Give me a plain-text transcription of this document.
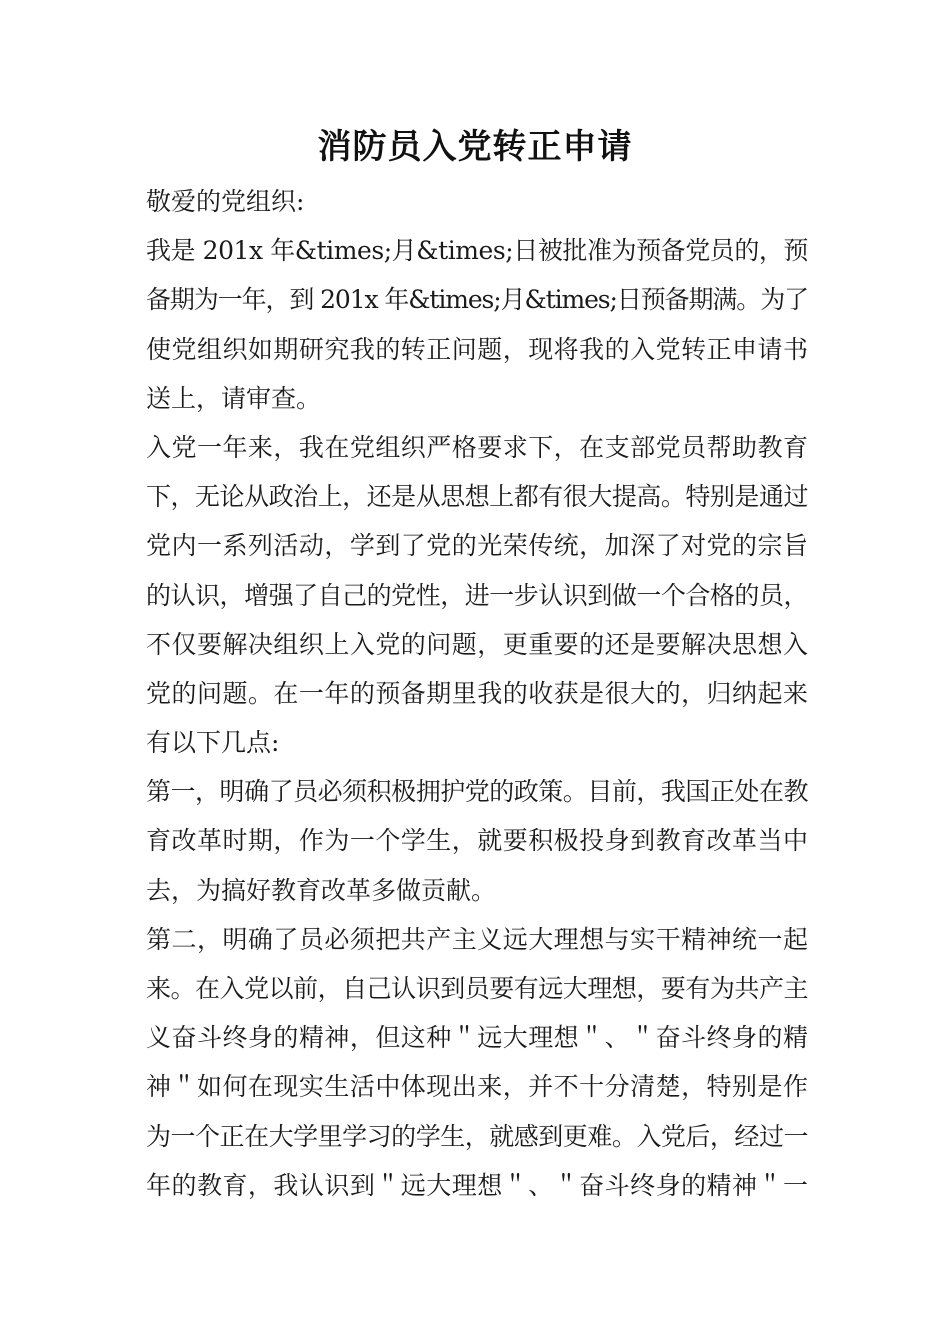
消防员入党转正申请
敬爱的党组织:
我是 201x 年&times;月&times;日被批准为预备党员的，预
备期为一年，到 201x 年&times;月&times;日预备期满。为了
使党组织如期研究我的转正问题，现将我的入党转正申请书
送上，请审查。
入党一年来，我在党组织严格要求下，在支部党员帮助教育
下，无论从政治上，还是从思想上都有很大提高。特别是通过
党内一系列活动，学到了党的光荣传统，加深了对党的宗旨
的认识，增强了自己的党性，进一步认识到做一个合格的员，
不仅要解决组织上入党的问题，更重要的还是要解决思想入
党的问题。在一年的预备期里我的收获是很大的，归纳起来
有以下几点:
第一，明确了员必须积极拥护党的政策。目前，我国正处在教
育改革时期，作为一个学生，就要积极投身到教育改革当中
去，为搞好教育改革多做贡献。
第二，明确了员必须把共产主义远大理想与实干精神统一起
来。在入党以前，自己认识到员要有远大理想，要有为共产主
义奋斗终身的精神，但这种＂远大理想＂、＂奋斗终身的精
神＂如何在现实生活中体现出来，并不十分清楚，特别是作
为一个正在大学里学习的学生，就感到更难。入党后，经过一
年的教育，我认识到＂远大理想＂、＂奋斗终身的精神＂一
